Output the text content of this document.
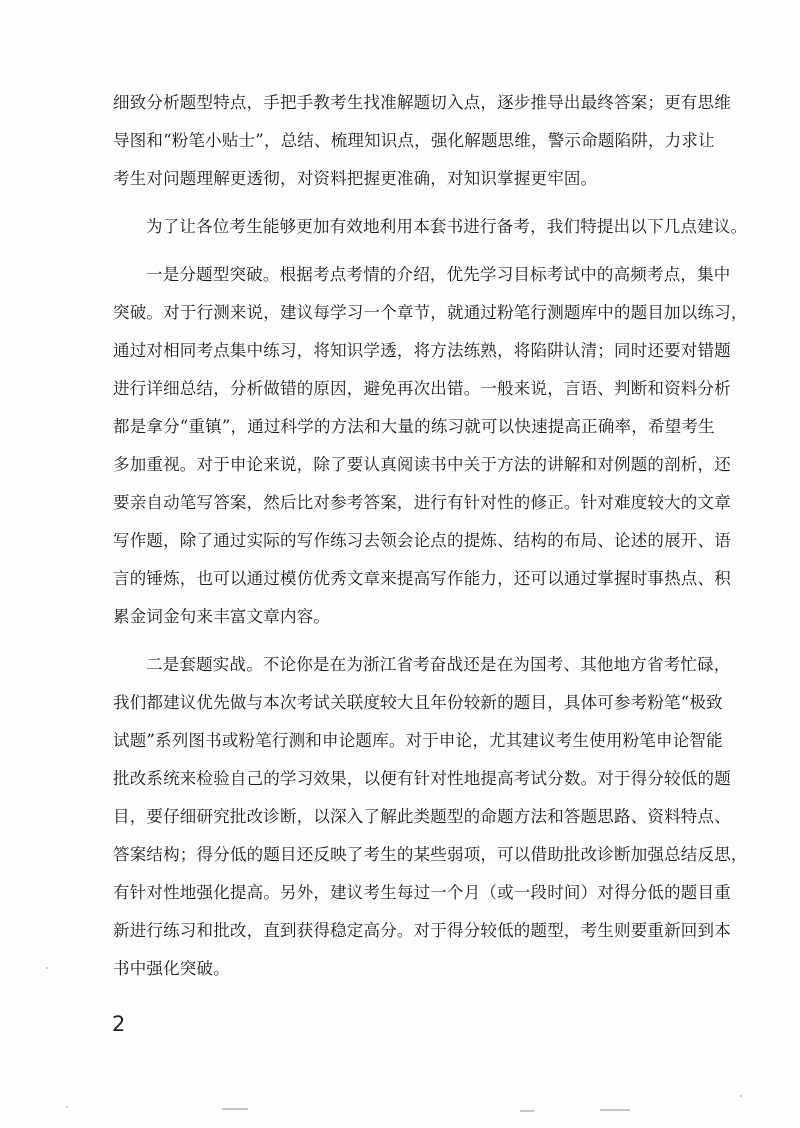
细致分析题型特点，手把手教考生找准解题切入点，逐步推导出最终答案；更有思维
导图和“粉笔小贴士”，总结、梳理知识点，强化解题思维，警示命题陷阱，力求让
考生对问题理解更透彻，对资料把握更准确，对知识掌握更牢固。
为了让各位考生能够更加有效地利用本套书进行备考，我们特提出以下几点建议。
一是分题型突破。根据考点考情的介绍，优先学习目标考试中的高频考点，集中
突破。对于行测来说，建议每学习一个章节，就通过粉笔行测题库中的题目加以练习，
通过对相同考点集中练习，将知识学透，将方法练熟，将陷阱认清；同时还要对错题
进行详细总结，分析做错的原因，避免再次出错。一般来说，言语、判断和资料分析
都是拿分“重镇”，通过科学的方法和大量的练习就可以快速提高正确率，希望考生
多加重视。对于申论来说，除了要认真阅读书中关于方法的讲解和对例题的剖析，还
要亲自动笔写答案，然后比对参考答案，进行有针对性的修正。针对难度较大的文章
写作题，除了通过实际的写作练习去领会论点的提炼、结构的布局、论述的展开、语
言的锤炼，也可以通过模仿优秀文章来提高写作能力，还可以通过掌握时事热点、积
累金词金句来丰富文章内容。
二是套题实战。不论你是在为浙江省考奋战还是在为国考、其他地方省考忙碌，
我们都建议优先做与本次考试关联度较大且年份较新的题目，具体可参考粉笔“极致
试题”系列图书或粉笔行测和申论题库。对于申论，尤其建议考生使用粉笔申论智能
批改系统来检验自己的学习效果，以便有针对性地提高考试分数。对于得分较低的题
目，要仔细研究批改诊断，以深入了解此类题型的命题方法和答题思路、资料特点、
答案结构；得分低的题目还反映了考生的某些弱项，可以借助批改诊断加强总结反思，
有针对性地强化提高。另外，建议考生每过一个月（或一段时间）对得分低的题目重
新进行练习和批改，直到获得稳定高分。对于得分较低的题型，考生则要重新回到本
书中强化突破。
2
